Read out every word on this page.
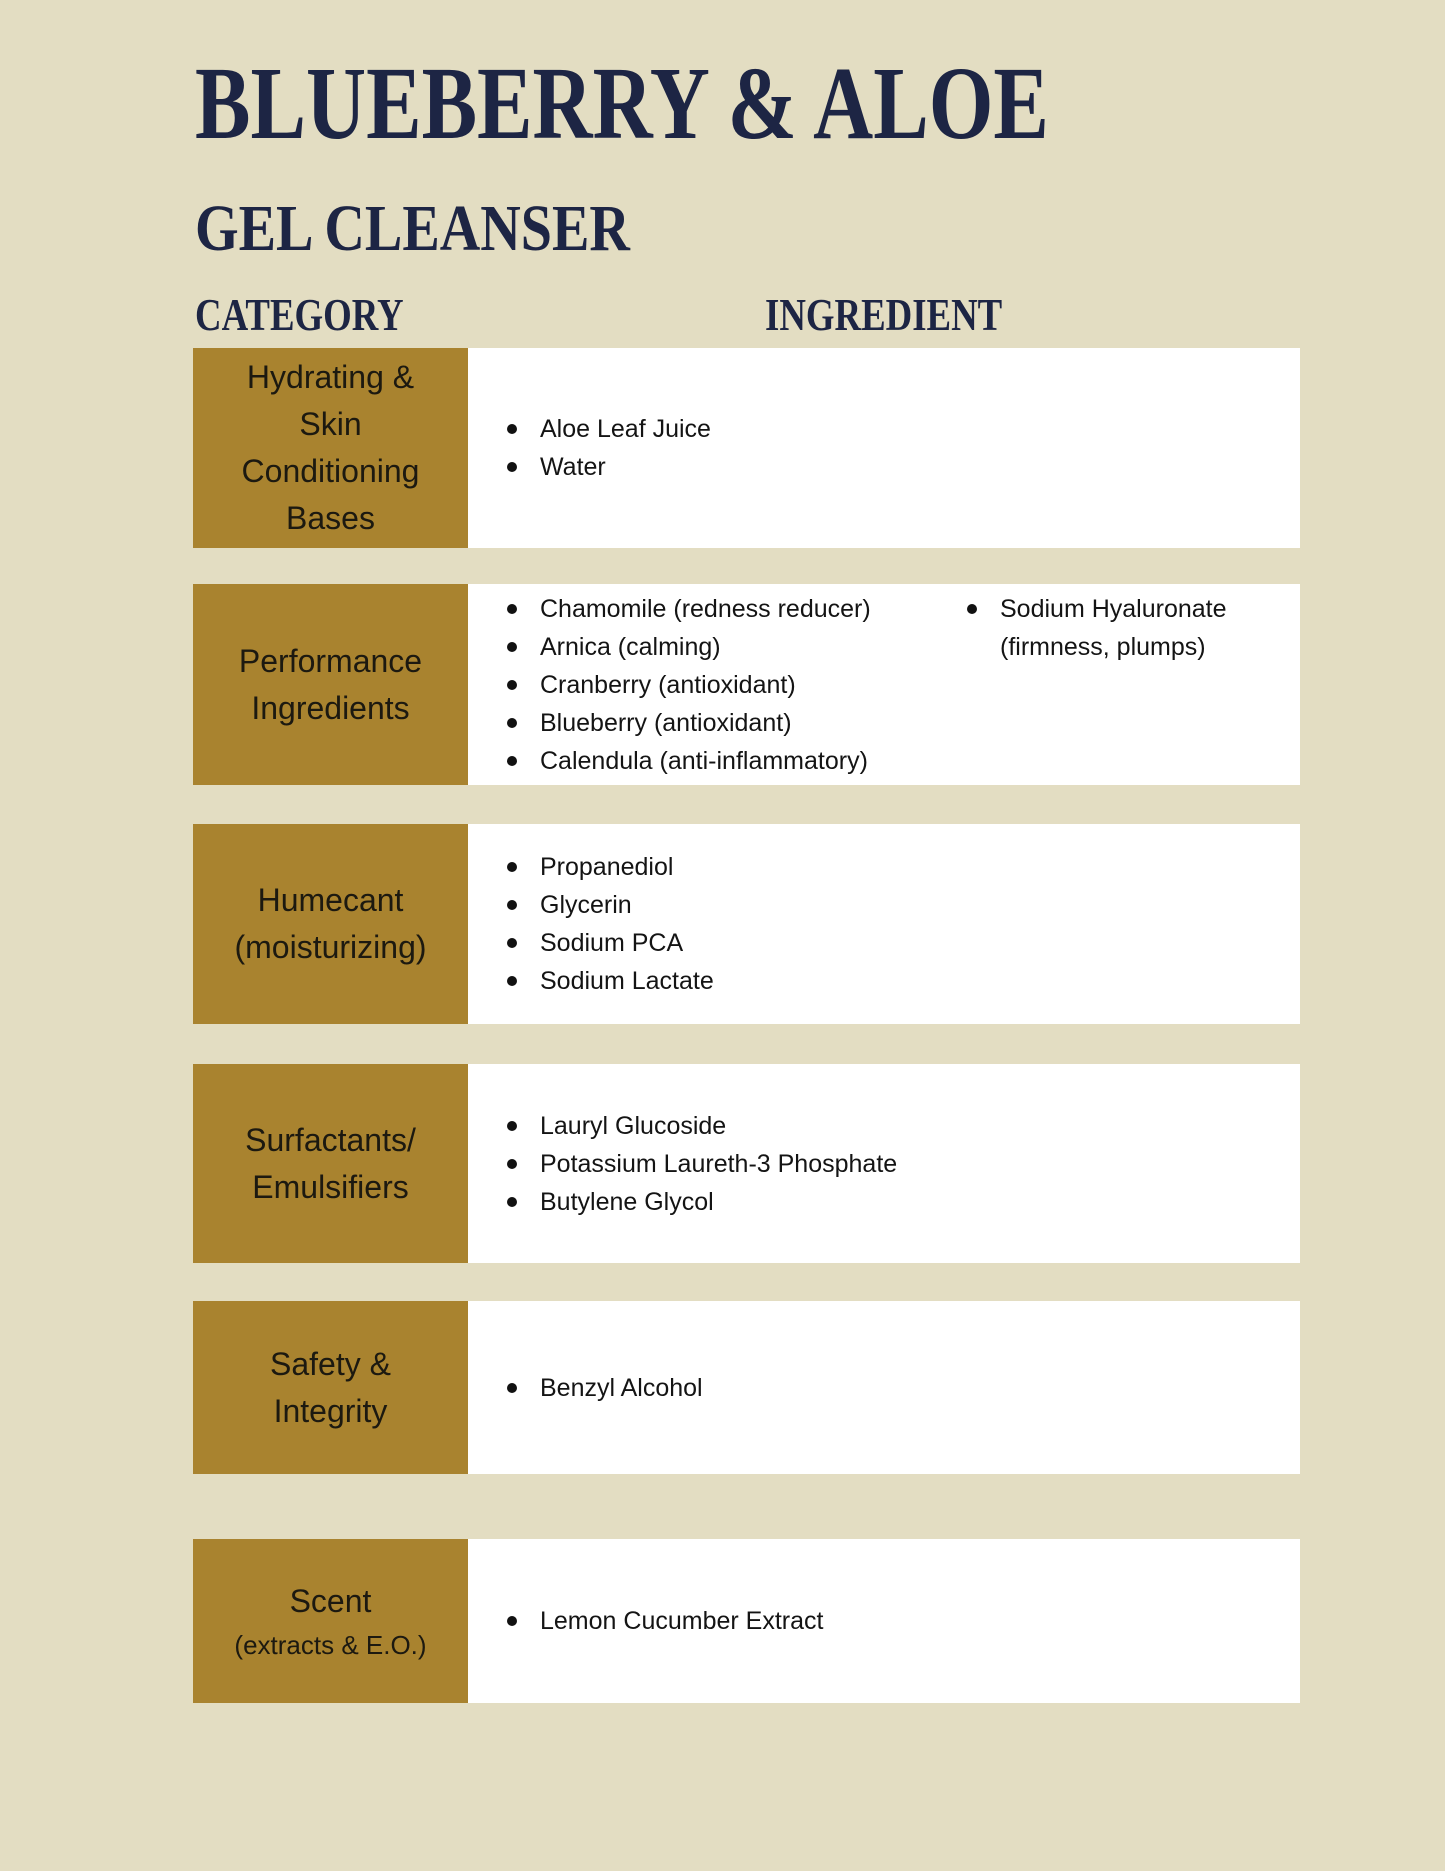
BLUEBERRY & ALOE
GEL CLEANSER
CATEGORY	INGREDIENT
Hydrating &
Skin
Conditioning
Bases
Aloe Leaf Juice
Water
Performance
Ingredients
Chamomile (redness reducer)
Arnica (calming)
Cranberry (antioxidant)
Blueberry (antioxidant)
Calendula (anti-inflammatory)
Sodium Hyaluronate (firmness, plumps)
Humecant
(moisturizing)
Propanediol
Glycerin
Sodium PCA
Sodium Lactate
Surfactants/
Emulsifiers
Lauryl Glucoside
Potassium Laureth-3 Phosphate
Butylene Glycol
Safety &
Integrity
Benzyl Alcohol
Scent
(extracts & E.O.)
Lemon Cucumber Extract
